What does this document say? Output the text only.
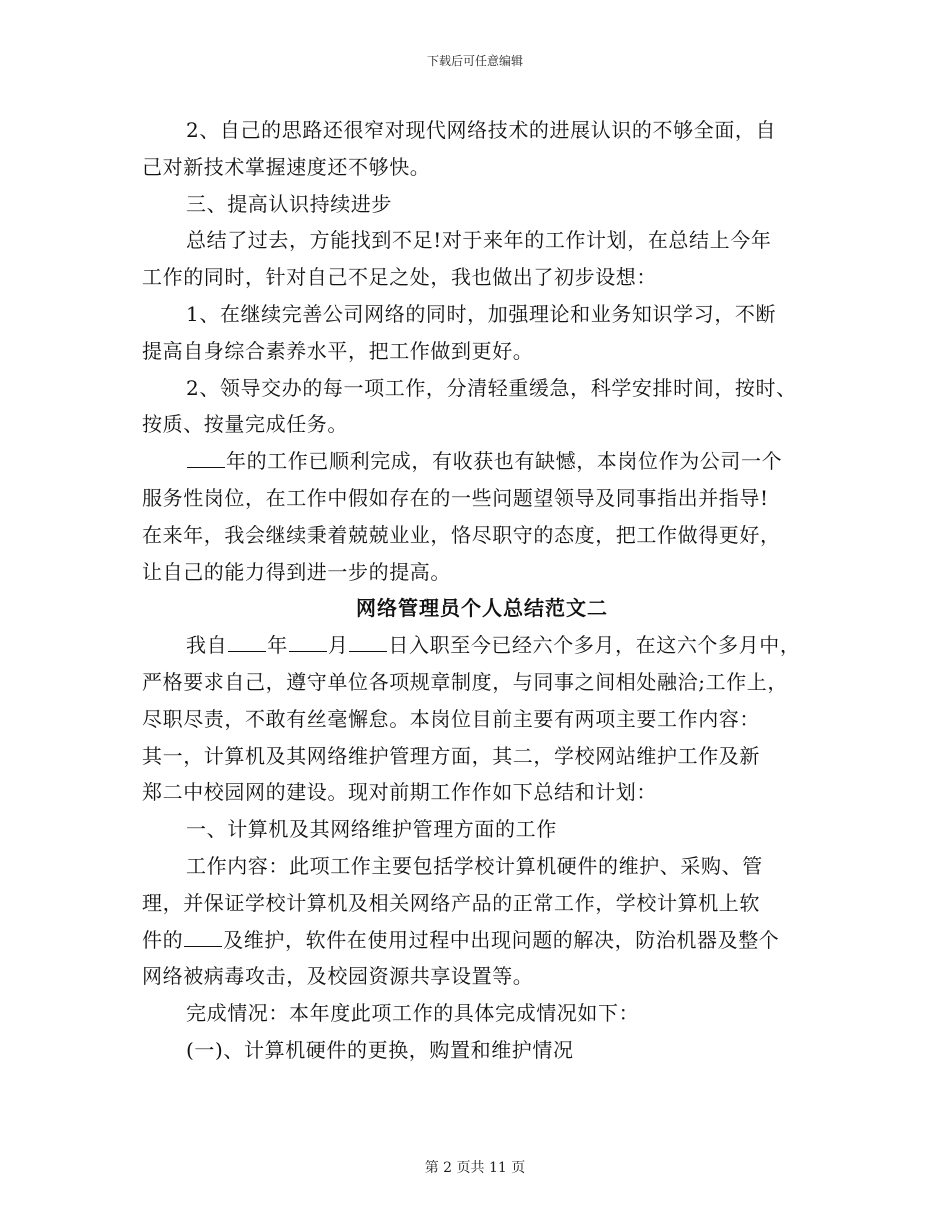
下载后可任意编辑
2、自己的思路还很窄对现代网络技术的进展认识的不够全面，自
己对新技术掌握速度还不够快。
三、提高认识持续进步
总结了过去，方能找到不足!对于来年的工作计划，在总结上今年
工作的同时，针对自己不足之处，我也做出了初步设想：
1、在继续完善公司网络的同时，加强理论和业务知识学习，不断
提高自身综合素养水平，把工作做到更好。
2、领导交办的每一项工作，分清轻重缓急，科学安排时间，按时、
按质、按量完成任务。
年的工作已顺利完成，有收获也有缺憾，本岗位作为公司一个
服务性岗位，在工作中假如存在的一些问题望领导及同事指出并指导!
在来年，我会继续秉着兢兢业业，恪尽职守的态度，把工作做得更好，
让自己的能力得到进一步的提高。
网络管理员个人总结范文二
我自 年 月 日入职至今已经六个多月，在这六个多月中，
严格要求自己，遵守单位各项规章制度，与同事之间相处融洽;工作上，
尽职尽责，不敢有丝毫懈怠。本岗位目前主要有两项主要工作内容：
其一，计算机及其网络维护管理方面，其二，学校网站维护工作及新
郑二中校园网的建设。现对前期工作作如下总结和计划：
一、计算机及其网络维护管理方面的工作
工作内容：此项工作主要包括学校计算机硬件的维护、采购、管
理，并保证学校计算机及相关网络产品的正常工作，学校计算机上软
件的 及维护，软件在使用过程中出现问题的解决，防治机器及整个
网络被病毒攻击，及校园资源共享设置等。
完成情况：本年度此项工作的具体完成情况如下：
(一)、计算机硬件的更换，购置和维护情况
第 2 页共 11 页
